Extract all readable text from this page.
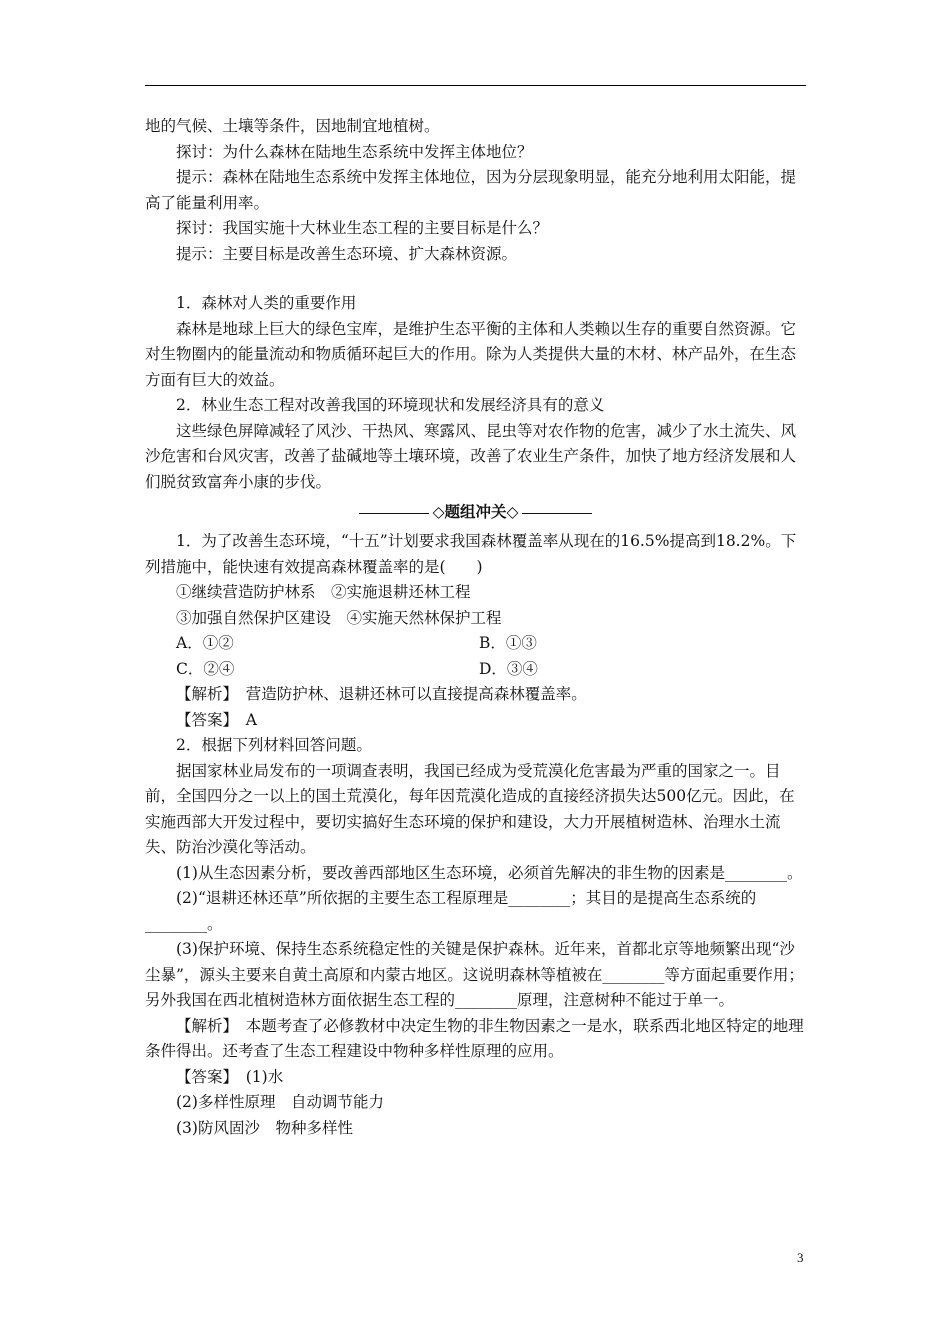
地的气候、土壤等条件，因地制宜地植树。

探讨：为什么森林在陆地生态系统中发挥主体地位？

提示：森林在陆地生态系统中发挥主体地位，因为分层现象明显，能充分地利用太阳能，提高了能量利用率。

探讨：我国实施十大林业生态工程的主要目标是什么？

提示：主要目标是改善生态环境、扩大森林资源。

1．森林对人类的重要作用

森林是地球上巨大的绿色宝库，是维护生态平衡的主体和人类赖以生存的重要自然资源。它对生物圈内的能量流动和物质循环起巨大的作用。除为人类提供大量的木材、林产品外，在生态方面有巨大的效益。

2．林业生态工程对改善我国的环境现状和发展经济具有的意义

这些绿色屏障减轻了风沙、干热风、寒露风、昆虫等对农作物的危害，减少了水土流失、风沙危害和台风灾害，改善了盐碱地等土壤环境，改善了农业生产条件，加快了地方经济发展和人们脱贫致富奔小康的步伐。

◇题组冲关◇

1．为了改善生态环境，“十五”计划要求我国森林覆盖率从现在的16.5%提高到18.2%。下列措施中，能快速有效提高森林覆盖率的是(　　)

①继续营造防护林系　②实施退耕还林工程

③加强自然保护区建设　④实施天然林保护工程

A．①②	B．①③
C．②④	D．③④

【解析】　营造防护林、退耕还林可以直接提高森林覆盖率。

【答案】　A

2．根据下列材料回答问题。

据国家林业局发布的一项调查表明，我国已经成为受荒漠化危害最为严重的国家之一。目前，全国四分之一以上的国土荒漠化，每年因荒漠化造成的直接经济损失达500亿元。因此，在实施西部大开发过程中，要切实搞好生态环境的保护和建设，大力开展植树造林、治理水土流失、防治沙漠化等活动。

(1)从生态因素分析，要改善西部地区生态环境，必须首先解决的非生物的因素是________。

(2)“退耕还林还草”所依据的主要生态工程原理是________；其目的是提高生态系统的________。

(3)保护环境、保持生态系统稳定性的关键是保护森林。近年来，首都北京等地频繁出现“沙尘暴”，源头主要来自黄土高原和内蒙古地区。这说明森林等植被在________等方面起重要作用；另外我国在西北植树造林方面依据生态工程的________原理，注意树种不能过于单一。

【解析】　本题考查了必修教材中决定生物的非生物因素之一是水，联系西北地区特定的地理条件得出。还考查了生态工程建设中物种多样性原理的应用。

【答案】　(1)水

(2)多样性原理　自动调节能力

(3)防风固沙　物种多样性

3
